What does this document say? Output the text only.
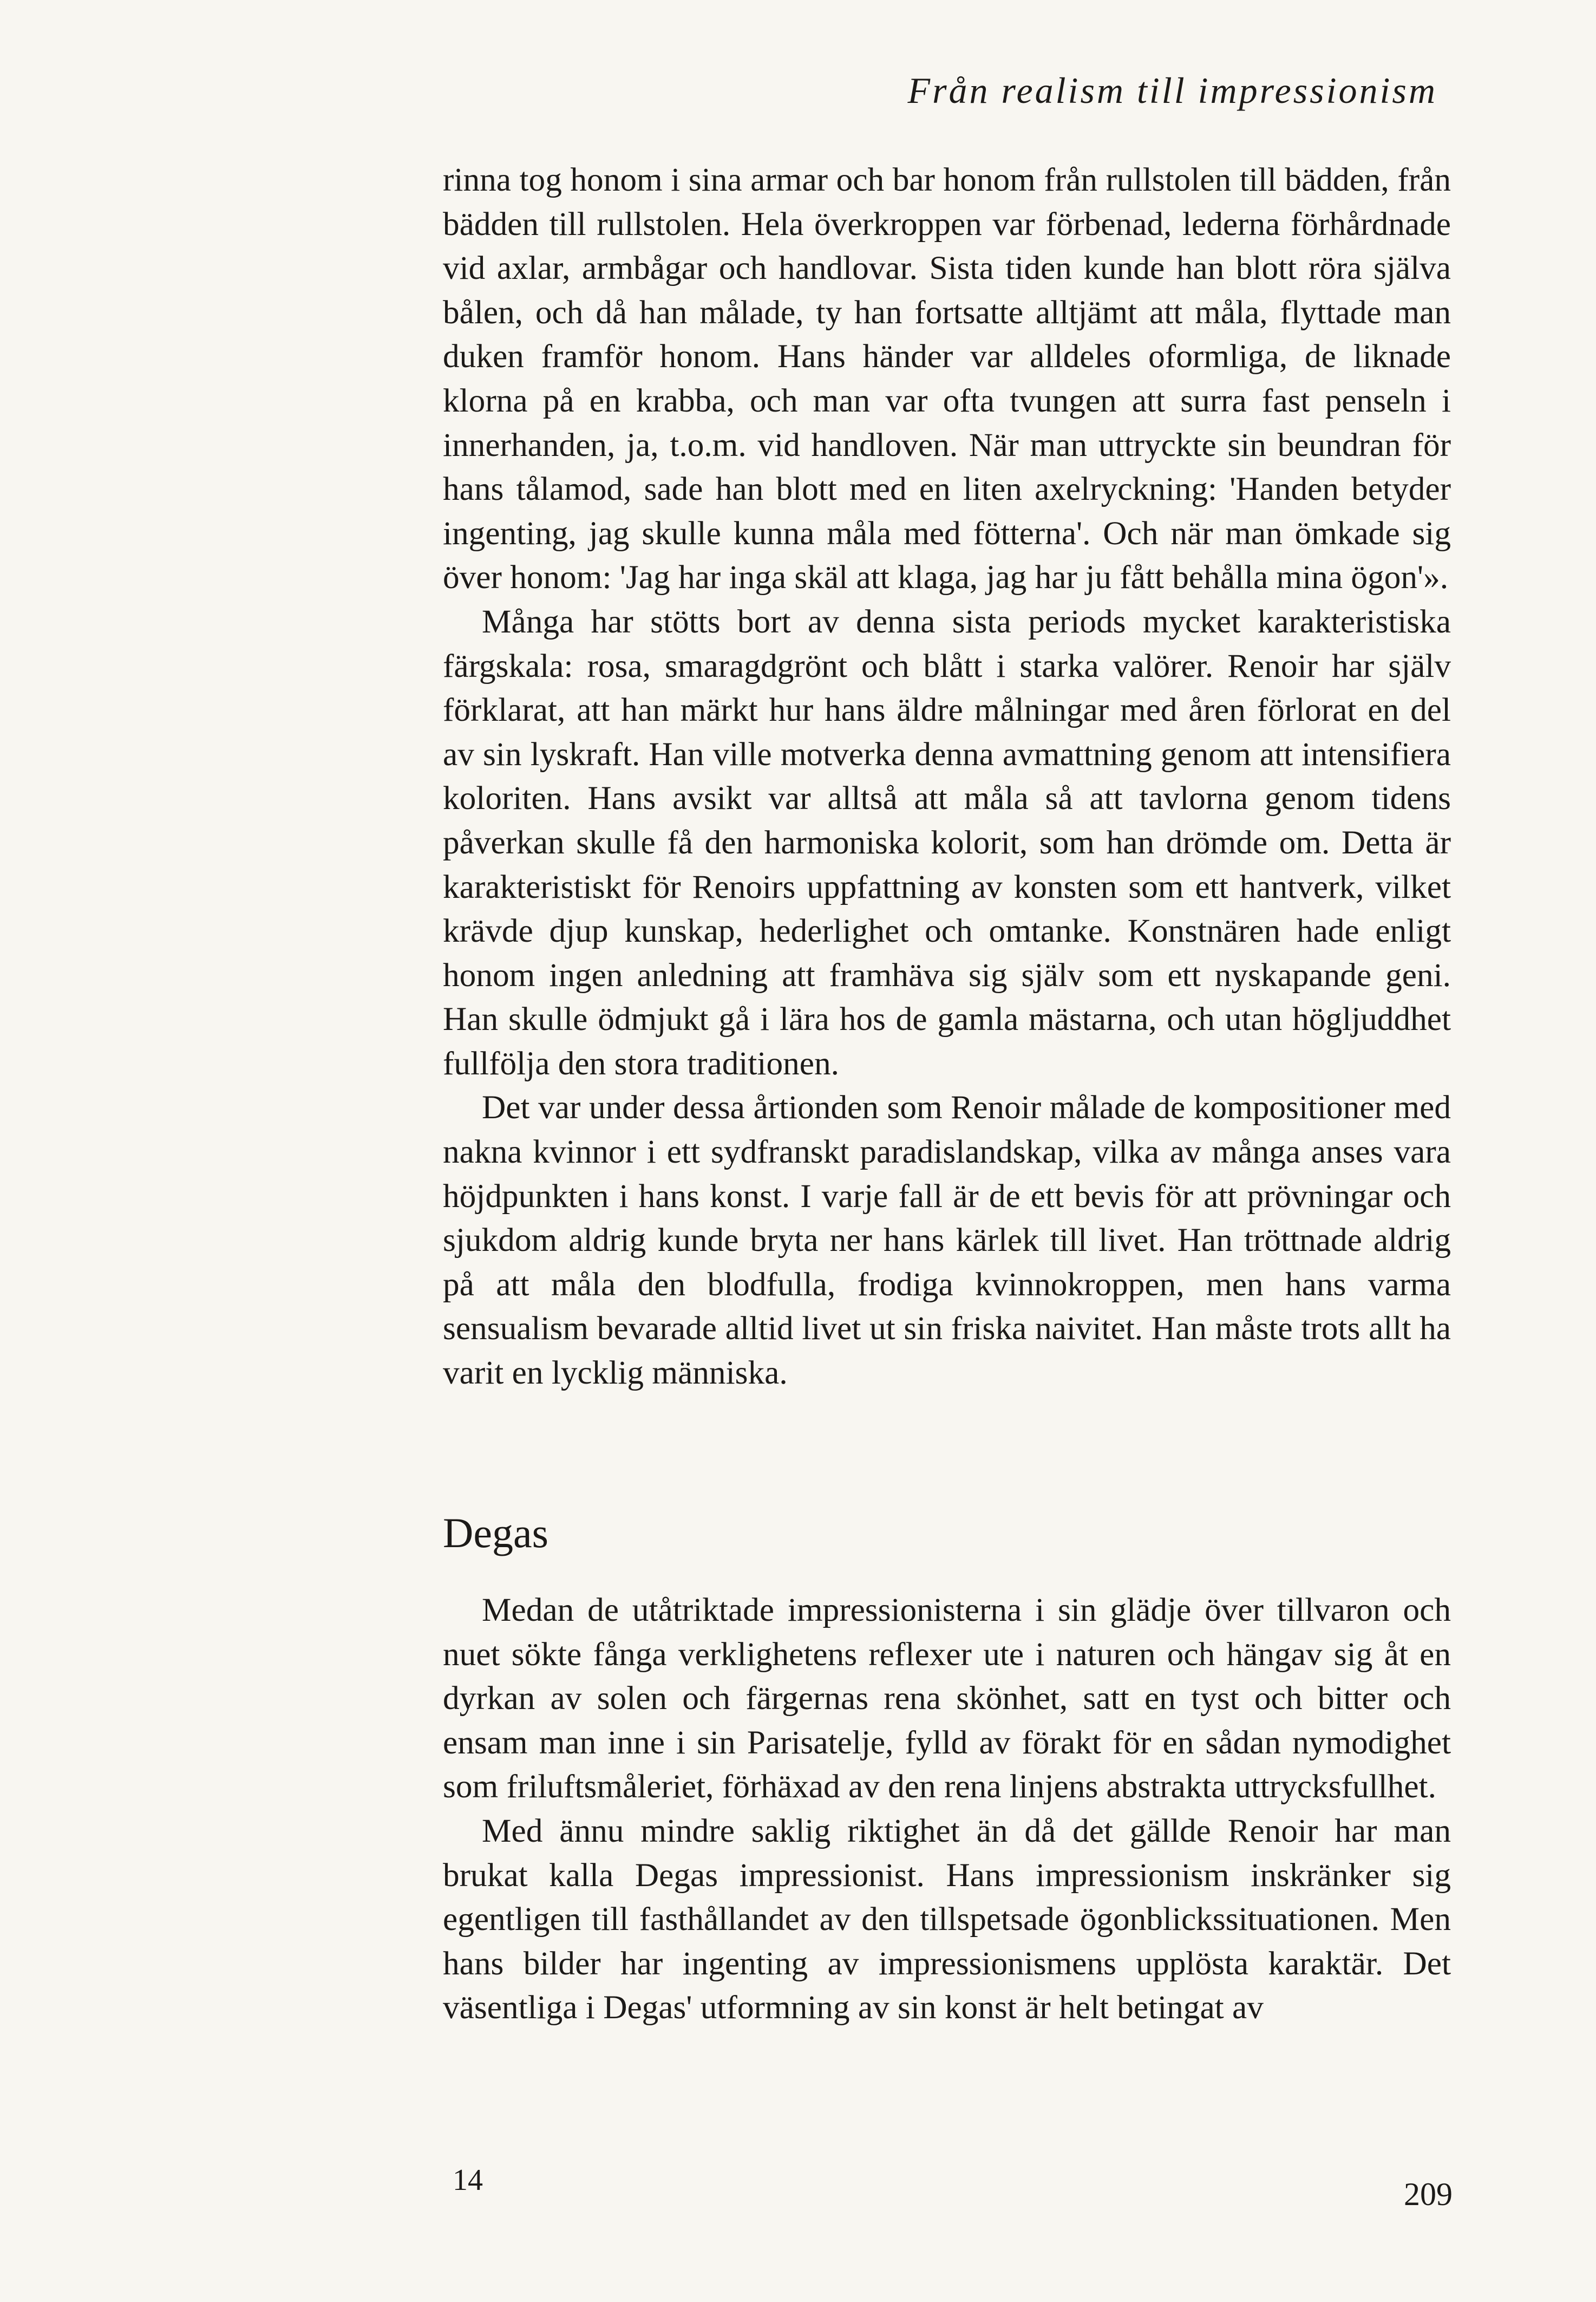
Från realism till impressionism

rinna tog honom i sina armar och bar honom från rullstolen till bädden, från bädden till rullstolen. Hela överkroppen var förbenad, lederna förhårdnade vid axlar, armbågar och handlovar. Sista tiden kunde han blott röra själva bålen, och då han målade, ty han fortsatte alltjämt att måla, flyttade man duken framför honom. Hans händer var alldeles oformliga, de liknade klorna på en krabba, och man var ofta tvungen att surra fast penseln i innerhanden, ja, t.o.m. vid handloven. När man uttryckte sin beundran för hans tålamod, sade han blott med en liten axelryckning: 'Handen betyder ingenting, jag skulle kunna måla med fötterna'. Och när man ömkade sig över honom: 'Jag har inga skäl att klaga, jag har ju fått behålla mina ögon'».

Många har stötts bort av denna sista periods mycket karakteristiska färgskala: rosa, smaragdgrönt och blått i starka valörer. Renoir har själv förklarat, att han märkt hur hans äldre målningar med åren förlorat en del av sin lyskraft. Han ville motverka denna avmattning genom att intensifiera koloriten. Hans avsikt var alltså att måla så att tavlorna genom tidens påverkan skulle få den harmoniska kolorit, som han drömde om. Detta är karakteristiskt för Renoirs uppfattning av konsten som ett hantverk, vilket krävde djup kunskap, hederlighet och omtanke. Konstnären hade enligt honom ingen anledning att framhäva sig själv som ett nyskapande geni. Han skulle ödmjukt gå i lära hos de gamla mästarna, och utan högljuddhet fullfölja den stora traditionen.

Det var under dessa årtionden som Renoir målade de kompositioner med nakna kvinnor i ett sydfranskt paradislandskap, vilka av många anses vara höjdpunkten i hans konst. I varje fall är de ett bevis för att prövningar och sjukdom aldrig kunde bryta ner hans kärlek till livet. Han tröttnade aldrig på att måla den blodfulla, frodiga kvinnokroppen, men hans varma sensualism bevarade alltid livet ut sin friska naivitet. Han måste trots allt ha varit en lycklig människa.

Degas

Medan de utåtriktade impressionisterna i sin glädje över tillvaron och nuet sökte fånga verklighetens reflexer ute i naturen och hängav sig åt en dyrkan av solen och färgernas rena skönhet, satt en tyst och bitter och ensam man inne i sin Parisatelje, fylld av förakt för en sådan nymodighet som friluftsmåleriet, förhäxad av den rena linjens abstrakta uttrycksfullhet.

Med ännu mindre saklig riktighet än då det gällde Renoir har man brukat kalla Degas impressionist. Hans impressionism inskränker sig egentligen till fasthållandet av den tillspetsade ögonblickssituationen. Men hans bilder har ingenting av impressionismens upplösta karaktär. Det väsentliga i Degas' utformning av sin konst är helt betingat av

14	209
